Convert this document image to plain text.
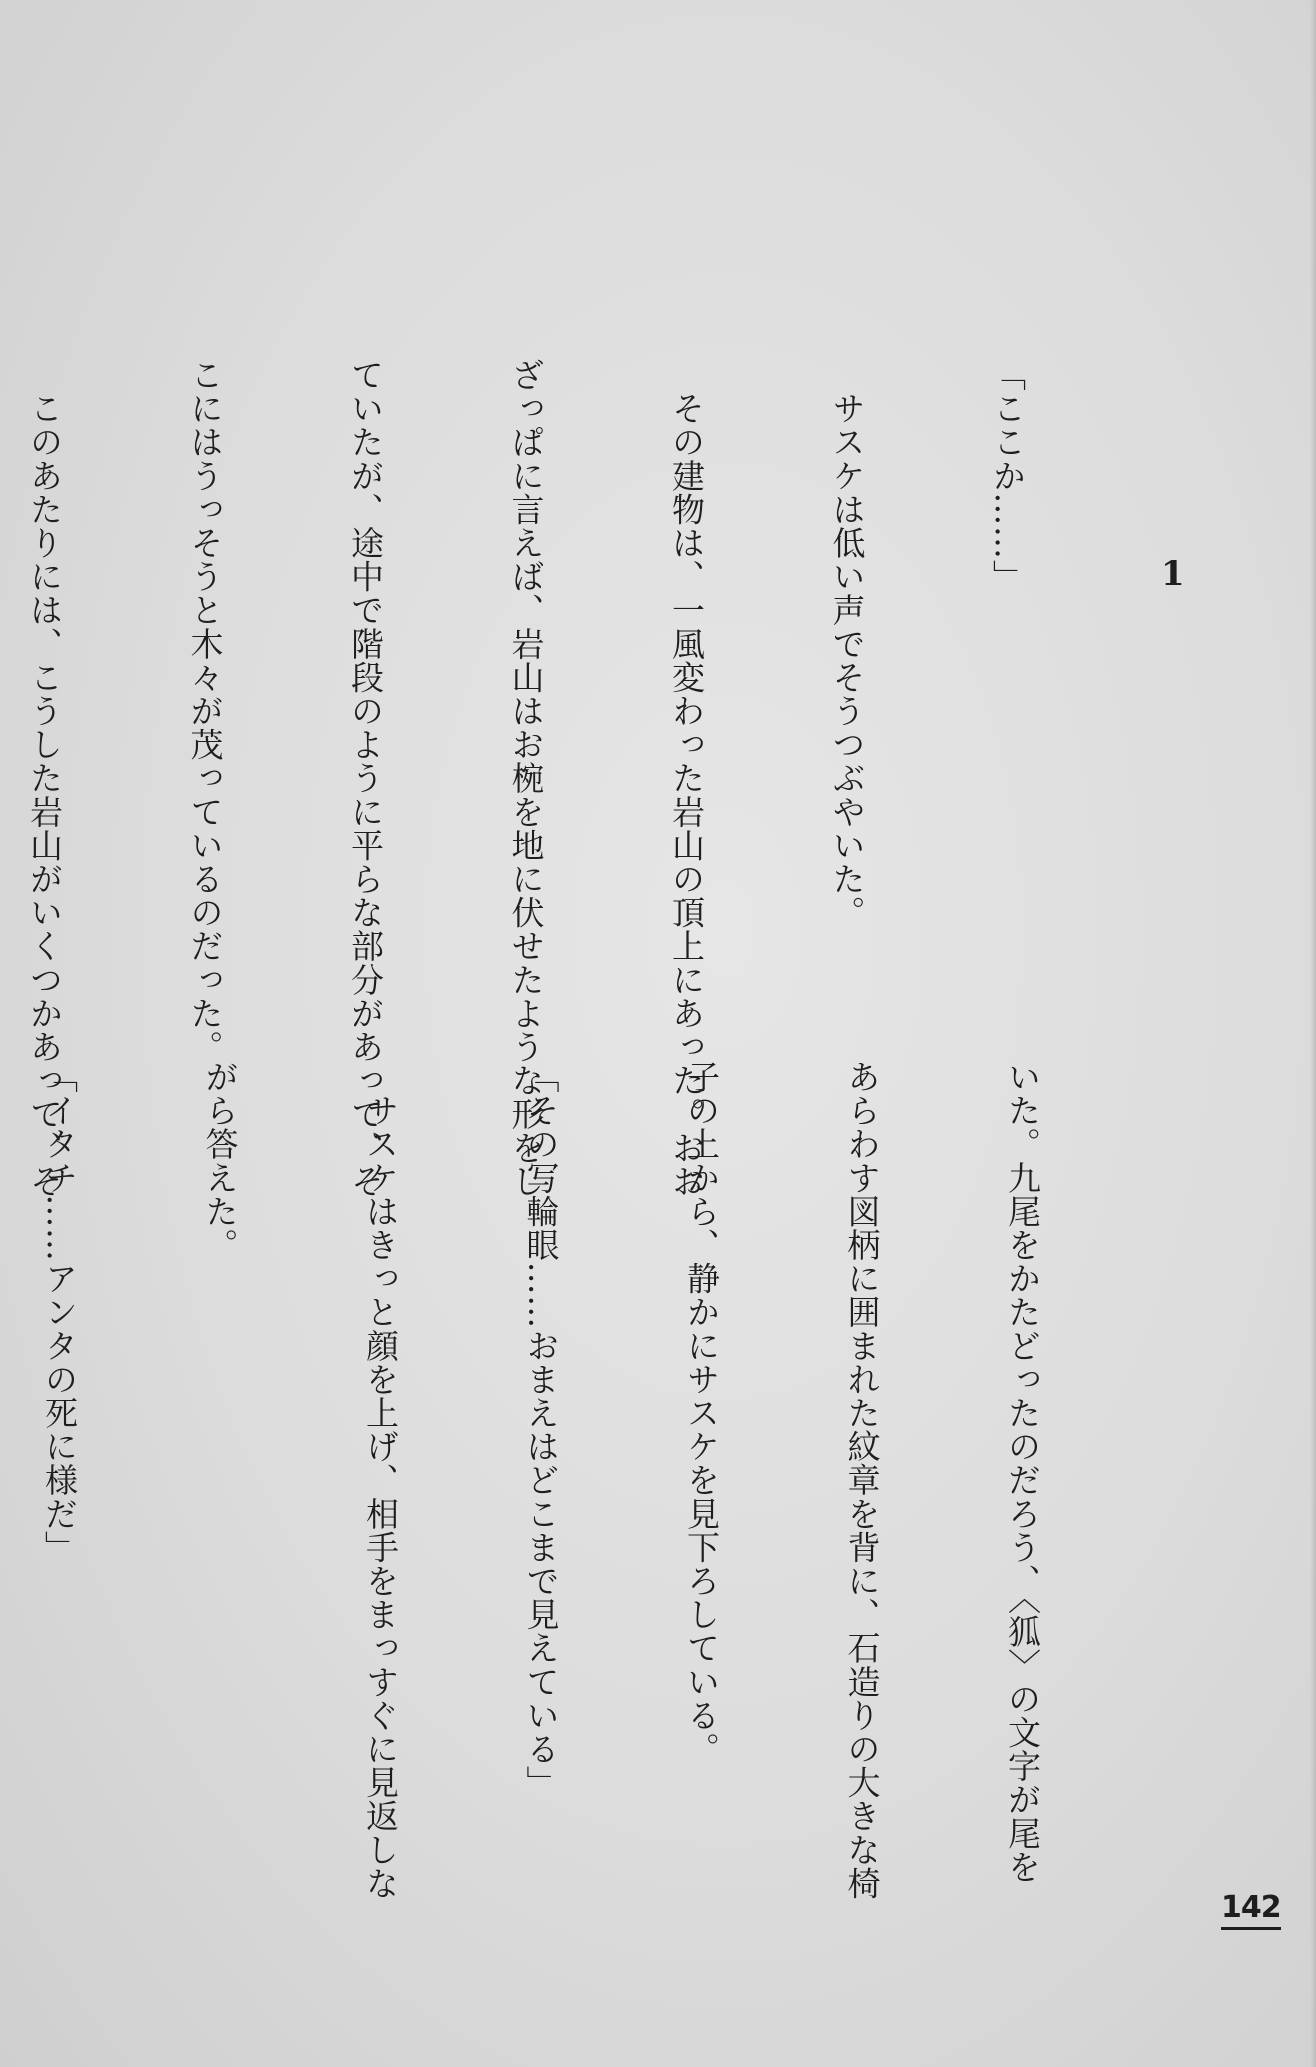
1

「ここか……」

　サスケは低い声でそうつぶやいた。

　その建物は、一風変わった岩山の頂上にあった。おお

ざっぱに言えば、岩山はお椀を地に伏せたような形をし

ていたが、途中で階段のように平らな部分があって、そ

こにはうっそうと木々が茂っているのだった。

　このあたりには、こうした岩山がいくつかあって、そ

いた。九尾をかたどったのだろう、〈狐〉の文字が尾を

あらわす図柄に囲まれた紋章を背に、石造りの大きな椅

子の上から、静かにサスケを見下ろしている。

「その写輪眼……おまえはどこまで見えている」

　サスケはきっと顔を上げ、相手をまっすぐに見返しな

がら答えた。

「イタチ……アンタの死に様だ」

142
